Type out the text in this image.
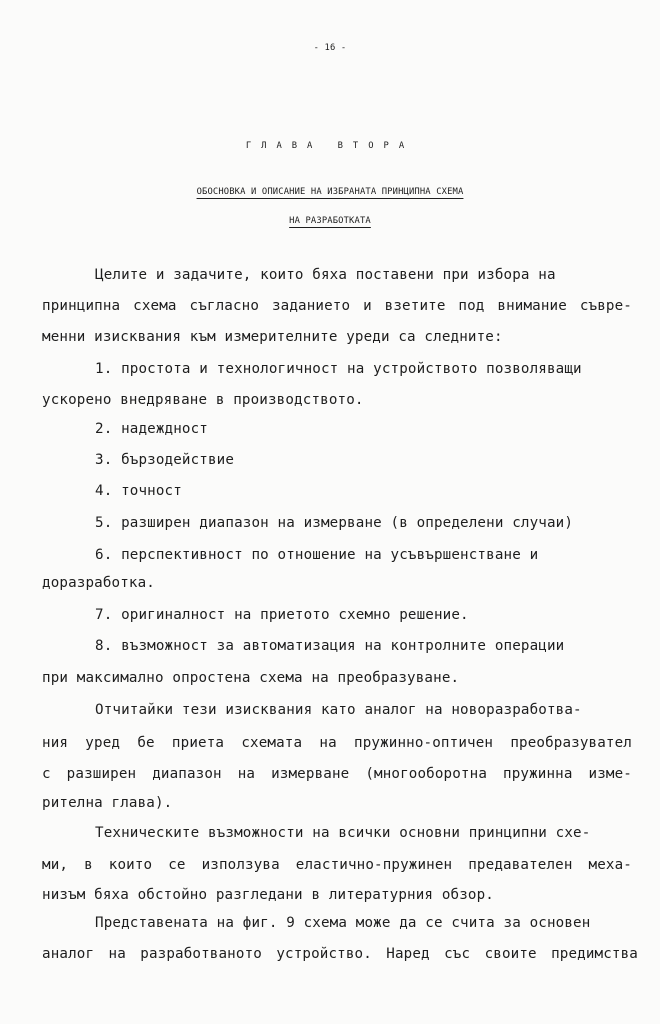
- 16 -
ГЛАВА ВТОРА
ОБОСНОВКА И ОПИСАНИЕ НА ИЗБРАНАТА ПРИНЦИПНА СХЕМА
НА РАЗРАБОТКАТА
Целите и задачите, които бяха поставени при избора на
принципна схема съгласно заданието и взетите под внимание съвре-
менни изисквания към измерителните уреди са следните:
1. простота и технологичност на устройството позволяващи
ускорено внедряване в производството.
2. надеждност
3. бързодействие
4. точност
5. разширен диапазон на измерване (в определени случаи)
6. перспективност по отношение на усъвършенстване и
доразработка.
7. оригиналност на приетото схемно решение.
8. възможност за автоматизация на контролните операции
при максимално опростена схема на преобразуване.
Отчитайки тези изисквания като аналог на новоразработва-
ния уред бе приета схемата на пружинно-оптичен преобразувател
с разширен диапазон на измерване (многооборотна пружинна изме-
рителна глава).
Техническите възможности на всички основни принципни схе-
ми, в които се използува еластично-пружинен предавателен меха-
низъм бяха обстойно разгледани в литературния обзор.
Представената на фиг. 9 схема може да се счита за основен
аналог на разработваното устройство. Наред със своите предимства
